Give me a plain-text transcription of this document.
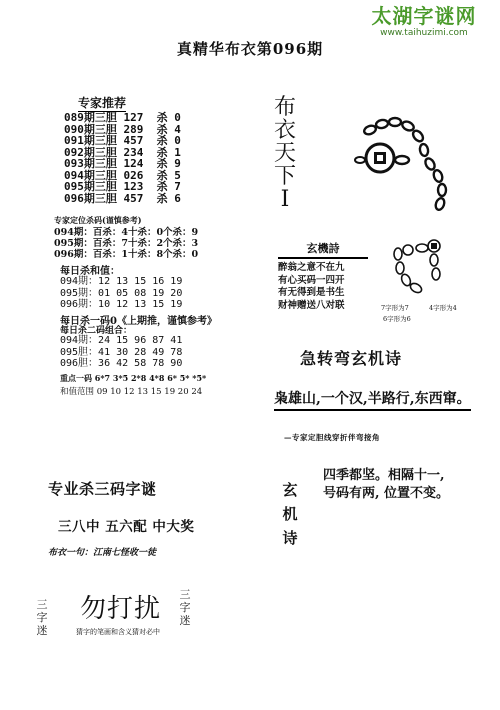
太湖字谜网
www.taihuzimi.com
真精华布衣第096期
专家推荐
089期三胆 127  杀 0
090期三胆 289  杀 4
091期三胆 457  杀 0
092期三胆 234  杀 1
093期三胆 124  杀 9
094期三胆 026  杀 5
095期三胆 123  杀 7
096期三胆 457  杀 6
专家定位杀码(谨慎参考)
094期：百杀：4十杀：0个杀：9
095期：百杀：7十杀：2个杀：3
096期：百杀：1十杀：8个杀：0
每日杀和值：
094期：12 13 15 16 19
095期：01 05 08 19 20
096期：10 12 13 15 19
每日杀一码0《上期推，谨慎参考》
每日杀二码组合：
094期：24 15 96 87 41
095胆：41 30 28 49 78
096胆：36 42 58 78 90
重点一码 6*7 3*5 2*8 4*8 6* 5* *5*
和值范围 09 10 12 13 15 19 20 24
专业杀三码字谜
三八中 五六配 中大奖
布衣一句：江南七怪收一徒
三
字
迷
勿打扰 三
字
迷
猜字的笔画和含义猜对必中
布
衣
天
下
I
玄機詩
醉翁之意不在九
有心买码一四开
有无得到是书生
财神赠送八对联	7字形为7	4字形为4
6字形为6
急转弯玄机诗
枭雄山,一个汉,半路行,东西窜。
—专家定胆线穿折伴弯接角
玄
机
诗
四季都坚。相隔十一,
号码有两, 位置不变。
